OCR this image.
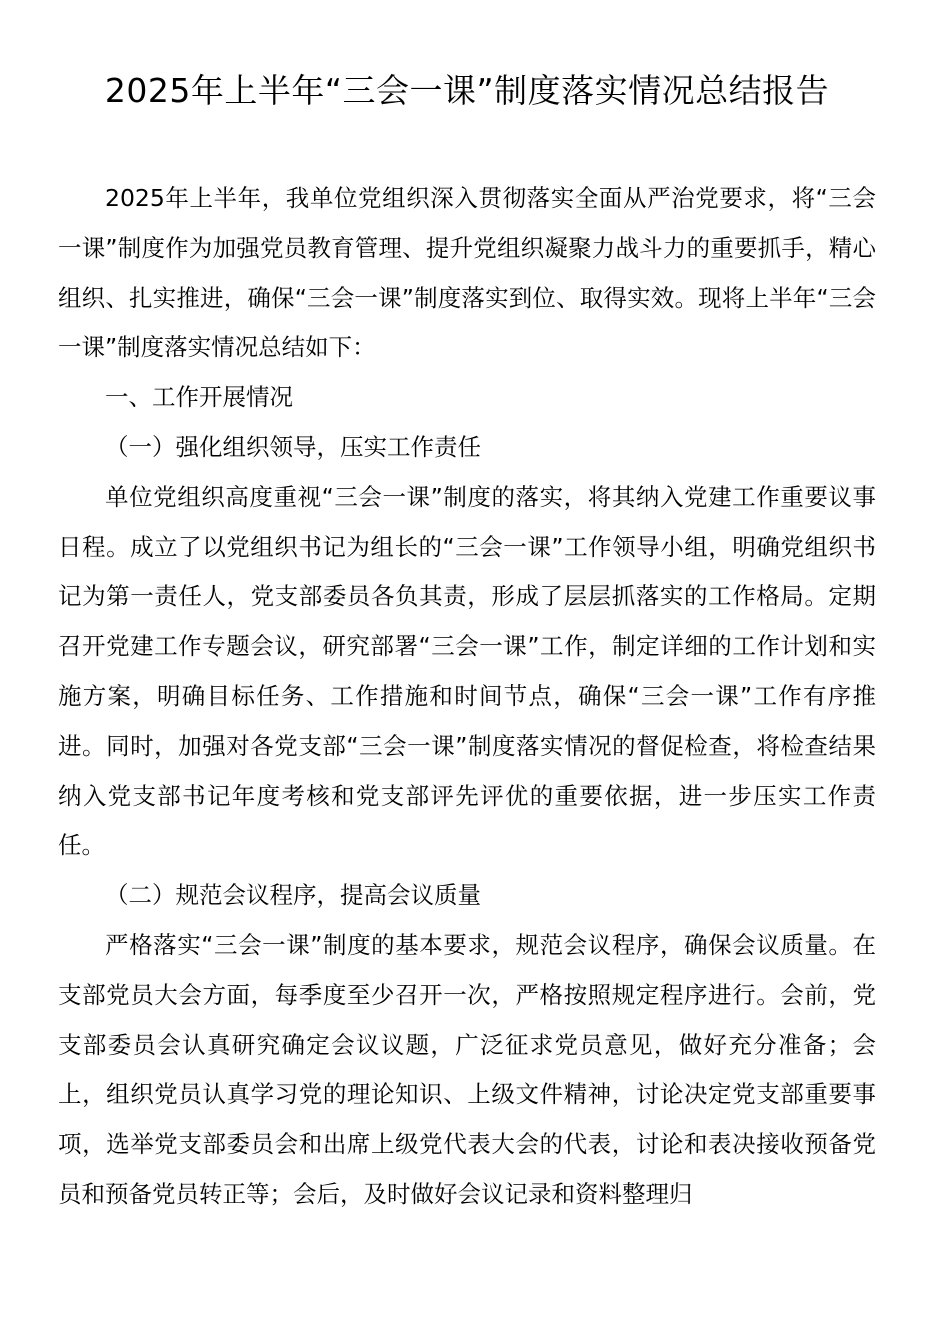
2025年上半年“三会一课”制度落实情况总结报告

2025年上半年，我单位党组织深入贯彻落实全面从严治党要求，将“三会一课”制度作为加强党员教育管理、提升党组织凝聚力战斗力的重要抓手，精心组织、扎实推进，确保“三会一课”制度落实到位、取得实效。现将上半年“三会一课”制度落实情况总结如下：

一、工作开展情况

（一）强化组织领导，压实工作责任

单位党组织高度重视“三会一课”制度的落实，将其纳入党建工作重要议事日程。成立了以党组织书记为组长的“三会一课”工作领导小组，明确党组织书记为第一责任人，党支部委员各负其责，形成了层层抓落实的工作格局。定期召开党建工作专题会议，研究部署“三会一课”工作，制定详细的工作计划和实施方案，明确目标任务、工作措施和时间节点，确保“三会一课”工作有序推进。同时，加强对各党支部“三会一课”制度落实情况的督促检查，将检查结果纳入党支部书记年度考核和党支部评先评优的重要依据，进一步压实工作责任。

（二）规范会议程序，提高会议质量

严格落实“三会一课”制度的基本要求，规范会议程序，确保会议质量。在支部党员大会方面，每季度至少召开一次，严格按照规定程序进行。会前，党支部委员会认真研究确定会议议题，广泛征求党员意见，做好充分准备；会上，组织党员认真学习党的理论知识、上级文件精神，讨论决定党支部重要事项，选举党支部委员会和出席上级党代表大会的代表，讨论和表决接收预备党员和预备党员转正等；会后，及时做好会议记录和资料整理归
